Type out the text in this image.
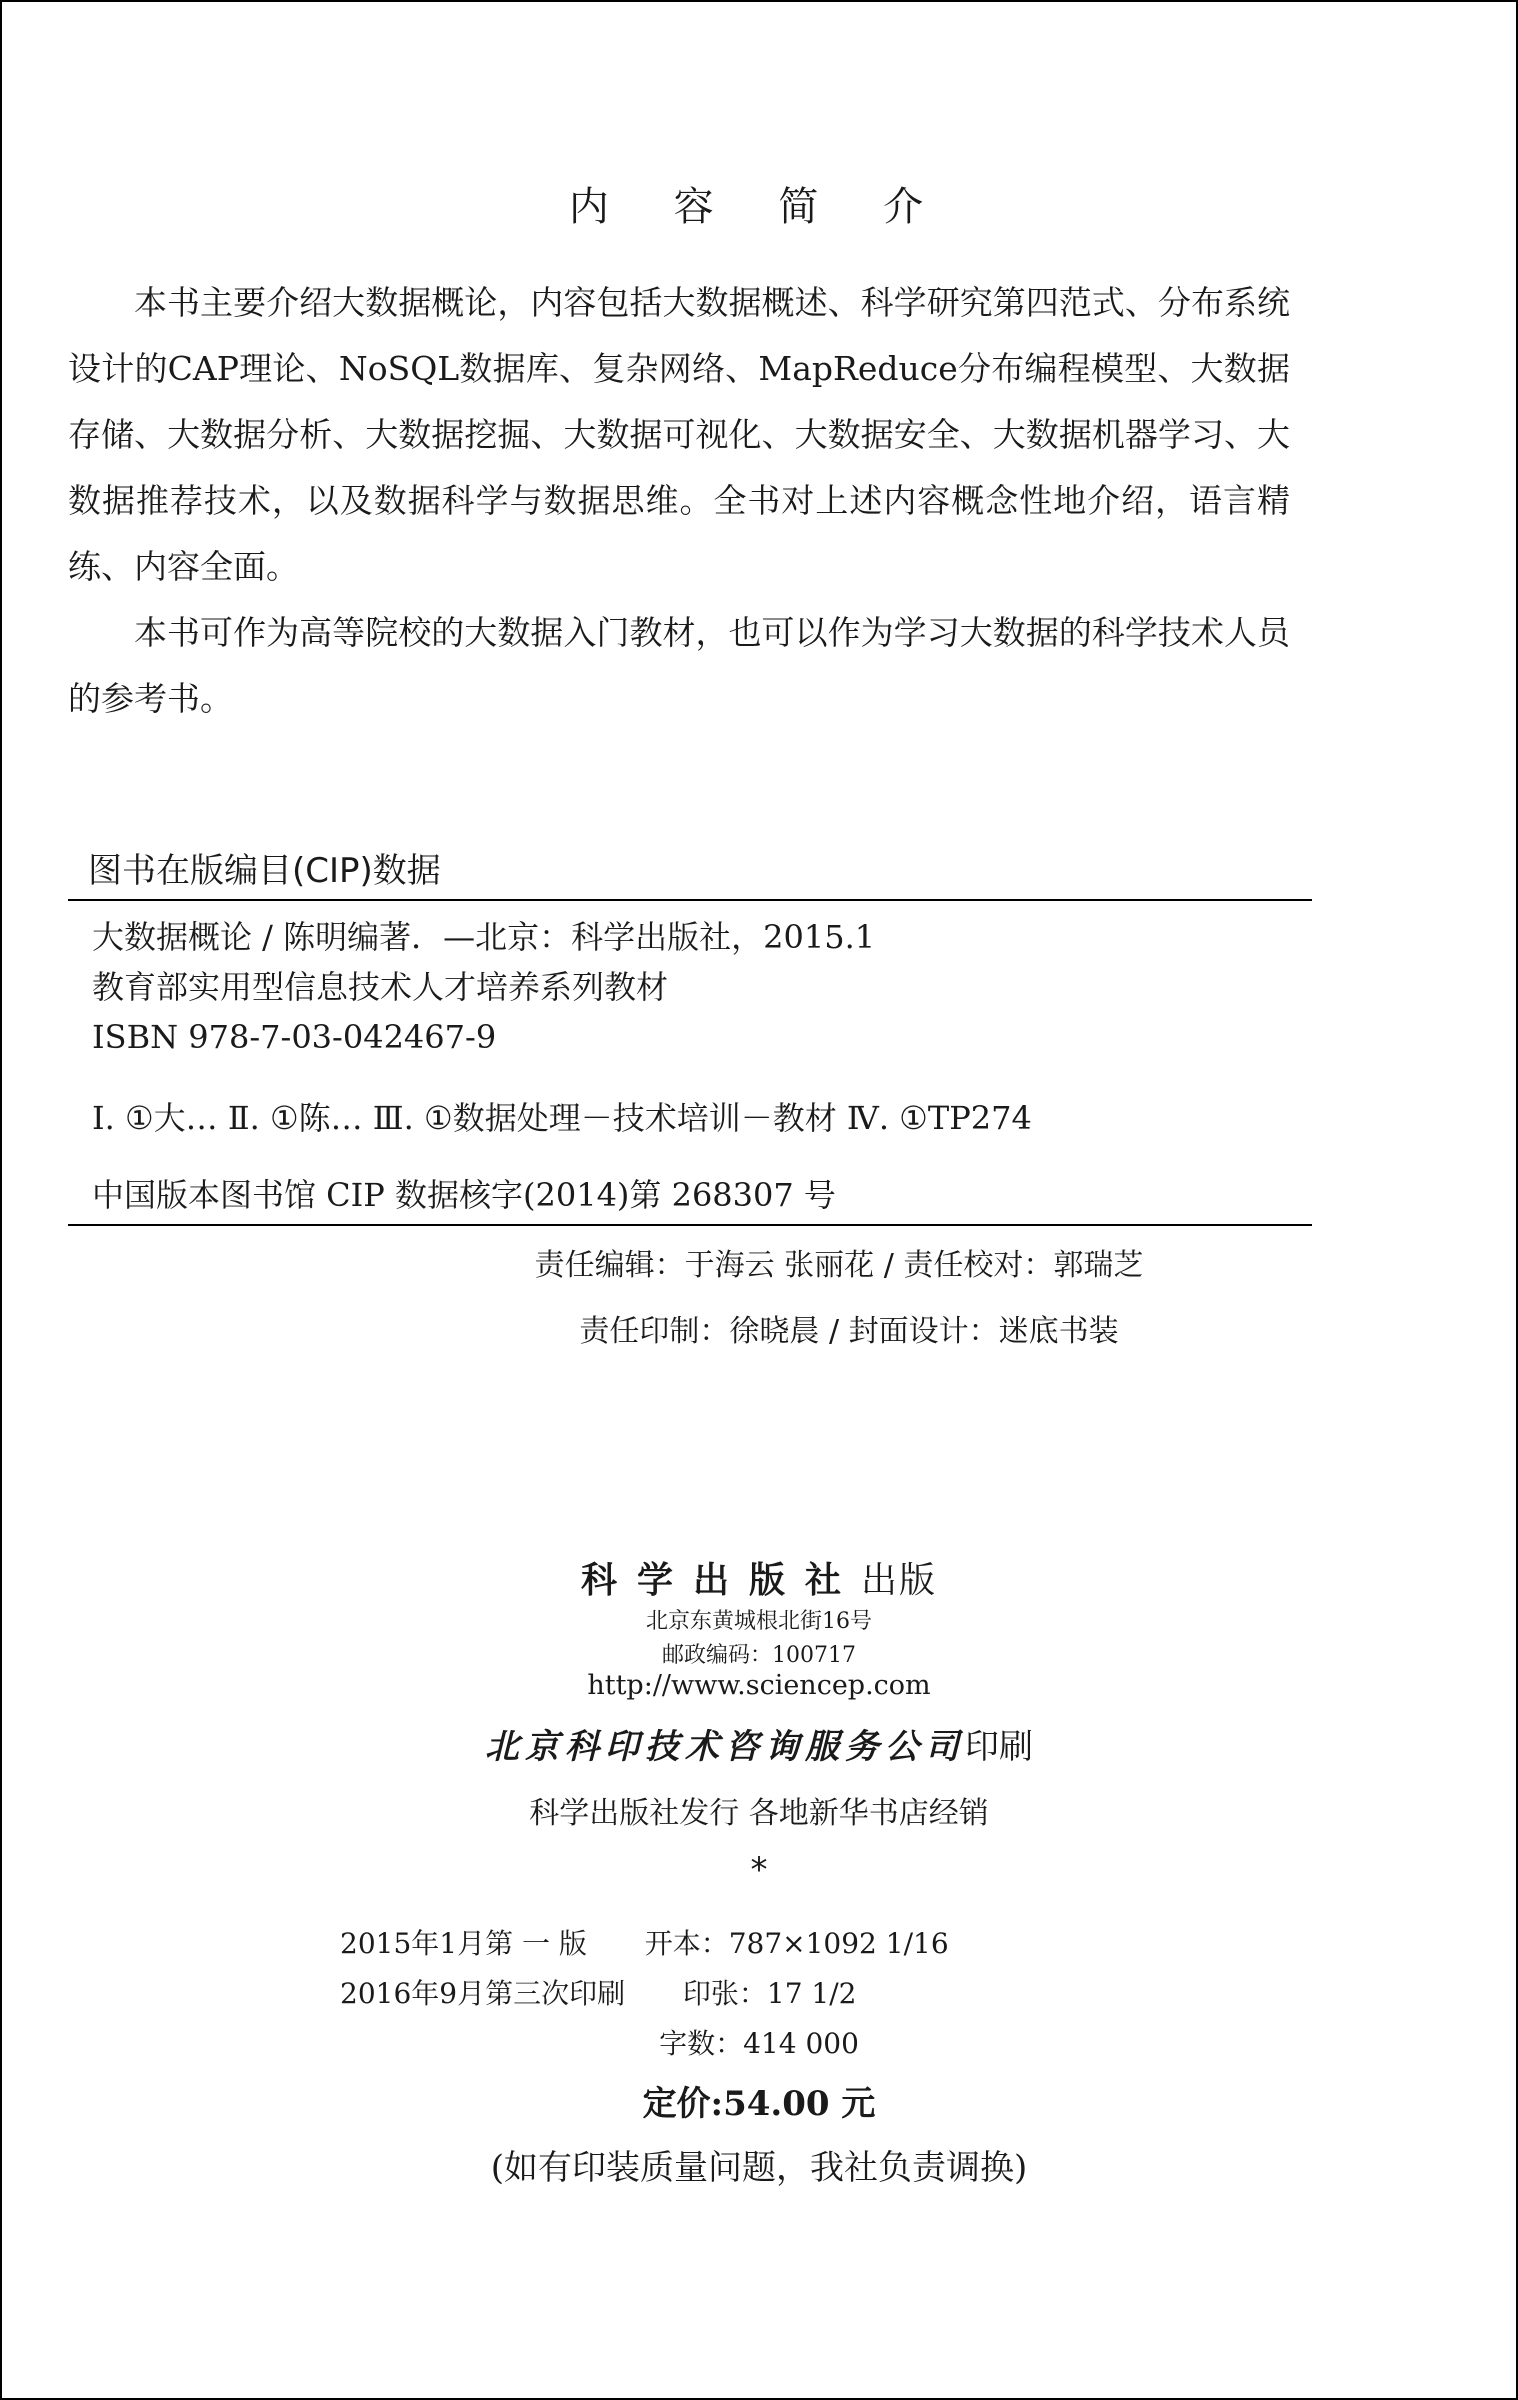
内 容 简 介

本书主要介绍大数据概论，内容包括大数据概述、科学研究第四范式、分布系统设计的CAP理论、NoSQL数据库、复杂网络、MapReduce分布编程模型、大数据存储、大数据分析、大数据挖掘、大数据可视化、大数据安全、大数据机器学习、大数据推荐技术，以及数据科学与数据思维。全书对上述内容概念性地介绍，语言精练、内容全面。

本书可作为高等院校的大数据入门教材，也可以作为学习大数据的科学技术人员的参考书。

图书在版编目(CIP)数据
大数据概论 / 陈明编著．—北京：科学出版社，2015.1
教育部实用型信息技术人才培养系列教材
ISBN 978-7-03-042467-9
Ⅰ. ①大… Ⅱ. ①陈… Ⅲ. ①数据处理－技术培训－教材 Ⅳ. ①TP274
中国版本图书馆 CIP 数据核字(2014)第 268307 号
责任编辑：于海云 张丽花 / 责任校对：郭瑞芝
责任印制：徐晓晨 / 封面设计：迷底书装
科学出版社出版
北京东黄城根北街16号
邮政编码：100717
http://www.sciencep.com
北京科印技术咨询服务公司印刷
科学出版社发行 各地新华书店经销
*
2015年1月第 一 版 开本：787×1092 1/16
2016年9月第三次印刷 印张：17 1/2
字数：414 000
定价:54.00 元
(如有印装质量问题，我社负责调换)
